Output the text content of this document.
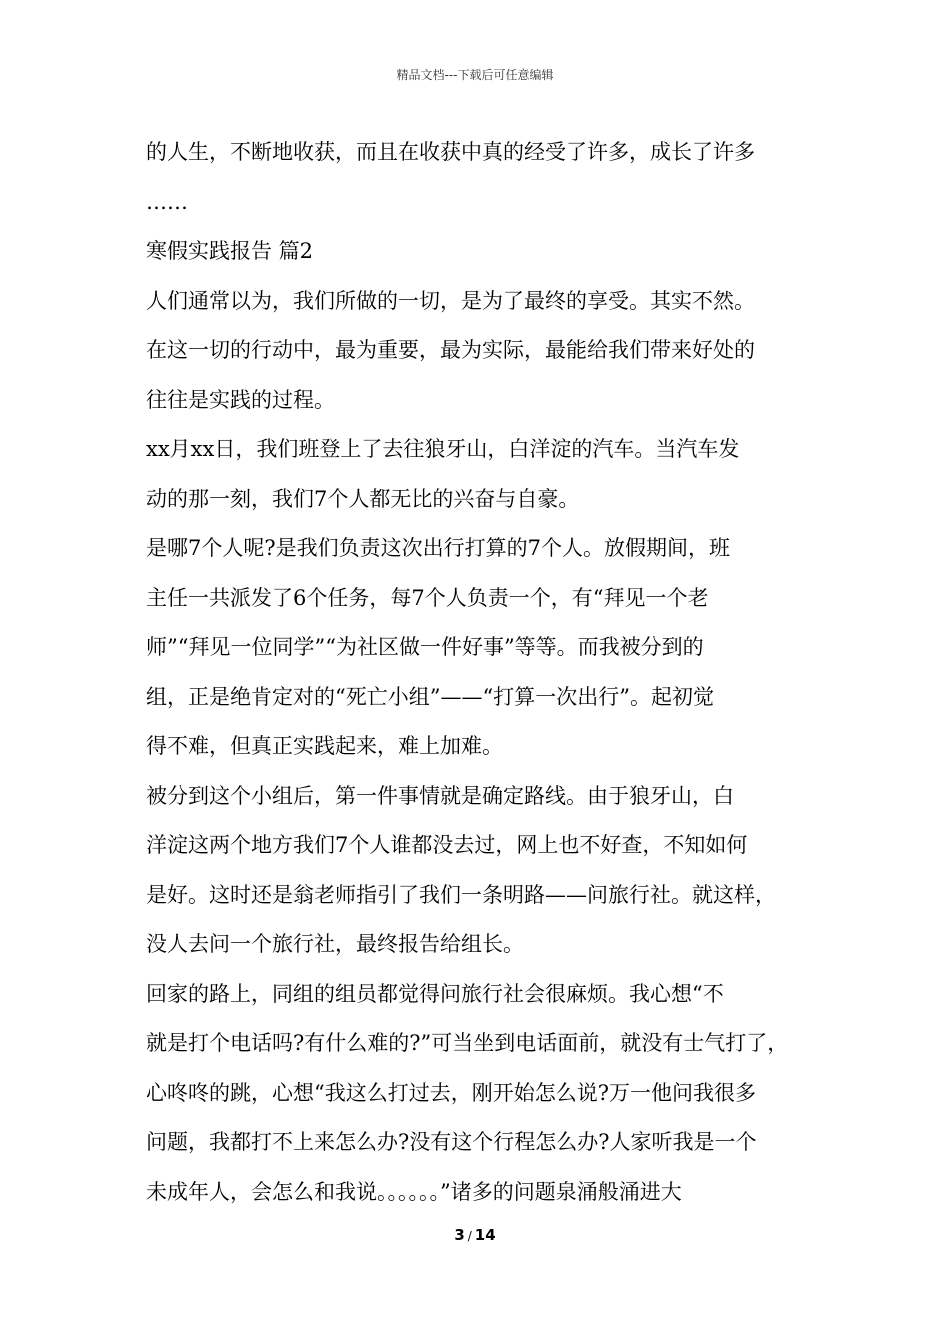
精品文档---下载后可任意编辑
的人生，不断地收获，而且在收获中真的经受了许多，成长了许多
……
寒假实践报告 篇2
人们通常以为，我们所做的一切，是为了最终的享受。其实不然。
在这一切的行动中，最为重要，最为实际，最能给我们带来好处的
往往是实践的过程。
xx月xx日，我们班登上了去往狼牙山，白洋淀的汽车。当汽车发
动的那一刻，我们7个人都无比的兴奋与自豪。
是哪7个人呢?是我们负责这次出行打算的7个人。放假期间，班
主任一共派发了6个任务，每7个人负责一个，有“拜见一个老
师”“拜见一位同学”“为社区做一件好事”等等。而我被分到的
组，正是绝肯定对的“死亡小组”——“打算一次出行”。起初觉
得不难，但真正实践起来，难上加难。
被分到这个小组后，第一件事情就是确定路线。由于狼牙山，白
洋淀这两个地方我们7个人谁都没去过，网上也不好查，不知如何
是好。这时还是翁老师指引了我们一条明路——问旅行社。就这样，
没人去问一个旅行社，最终报告给组长。
回家的路上，同组的组员都觉得问旅行社会很麻烦。我心想“不
就是打个电话吗?有什么难的?”可当坐到电话面前，就没有士气打了，
心咚咚的跳，心想“我这么打过去，刚开始怎么说?万一他问我很多
问题，我都打不上来怎么办?没有这个行程怎么办?人家听我是一个
未成年人，会怎么和我说。。。。。。”诸多的问题泉涌般涌进大
3 / 14
